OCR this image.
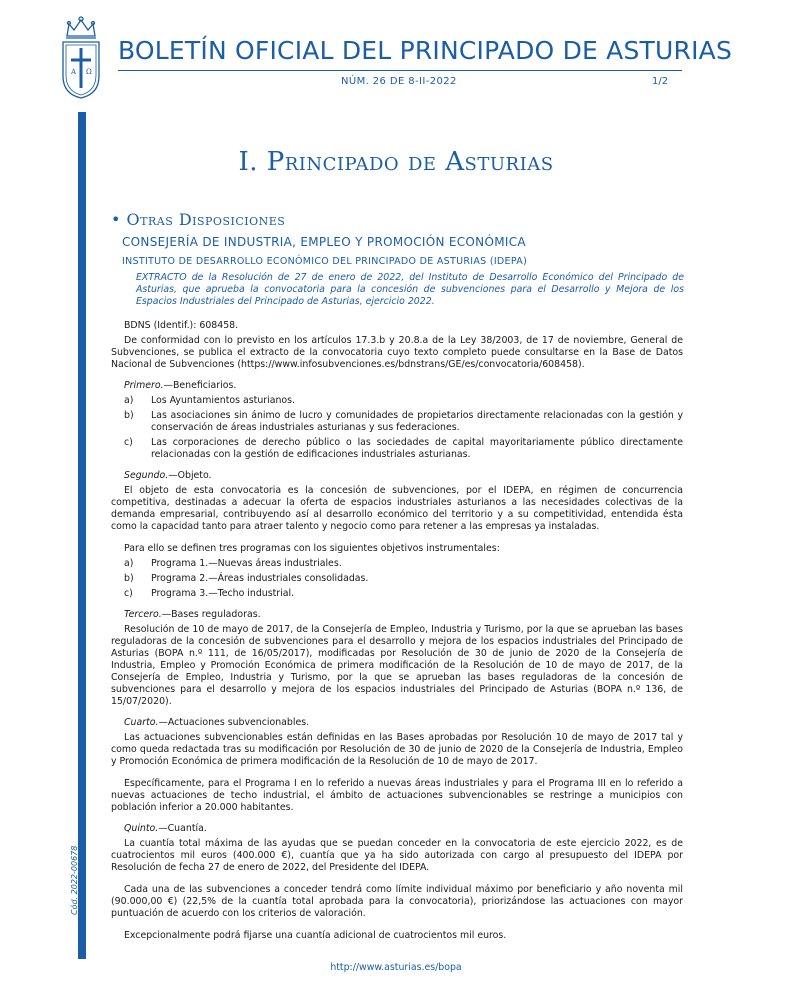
A Ω
BOLETÍN OFICIAL DEL PRINCIPADO DE ASTURIAS
NÚM. 26 DE 8-II-2022	1/2
Cód. 2022-00678
I. Principado de Asturias
• Otras Disposiciones
CONSEJERÍA DE INDUSTRIA, EMPLEO Y PROMOCIÓN ECONÓMICA
INSTITUTO DE DESARROLLO ECONÓMICO DEL PRINCIPADO DE ASTURIAS (IDEPA)
EXTRACTO de la Resolución de 27 de enero de 2022, del Instituto de Desarrollo Económico del Principado de Asturias, que aprueba la convocatoria para la concesión de subvenciones para el Desarrollo y Mejora de los Espacios Industriales del Principado de Asturias, ejercicio 2022.

BDNS (Identif.): 608458.

De conformidad con lo previsto en los artículos 17.3.b y 20.8.a de la Ley 38/2003, de 17 de noviembre, General de Subvenciones, se publica el extracto de la convocatoria cuyo texto completo puede consultarse en la Base de Datos Nacional de Subvenciones (https://www.infosubvenciones.es/bdnstrans/GE/es/convocatoria/608458).

Primero.—Beneficiarios.

a)	Los Ayuntamientos asturianos.
b)	Las asociaciones sin ánimo de lucro y comunidades de propietarios directamente relacionadas con la gestión y conservación de áreas industriales asturianas y sus federaciones.
c)	Las corporaciones de derecho público o las sociedades de capital mayoritariamente público directamente relacionadas con la gestión de edificaciones industriales asturianas.

Segundo.—Objeto.

El objeto de esta convocatoria es la concesión de subvenciones, por el IDEPA, en régimen de concurrencia competitiva, destinadas a adecuar la oferta de espacios industriales asturianos a las necesidades colectivas de la demanda empresarial, contribuyendo así al desarrollo económico del territorio y a su competitividad, entendida ésta como la capacidad tanto para atraer talento y negocio como para retener a las empresas ya instaladas.

Para ello se definen tres programas con los siguientes objetivos instrumentales:

a)	Programa 1.—Nuevas áreas industriales.
b)	Programa 2.—Áreas industriales consolidadas.
c)	Programa 3.—Techo industrial.

Tercero.—Bases reguladoras.

Resolución de 10 de mayo de 2017, de la Consejería de Empleo, Industria y Turismo, por la que se aprueban las bases reguladoras de la concesión de subvenciones para el desarrollo y mejora de los espacios industriales del Principado de Asturias (BOPA n.º 111, de 16/05/2017), modificadas por Resolución de 30 de junio de 2020 de la Consejería de Industria, Empleo y Promoción Económica de primera modificación de la Resolución de 10 de mayo de 2017, de la Consejería de Empleo, Industria y Turismo, por la que se aprueban las bases reguladoras de la concesión de subvenciones para el desarrollo y mejora de los espacios industriales del Principado de Asturias (BOPA n.º 136, de 15/07/2020).

Cuarto.—Actuaciones subvencionables.

Las actuaciones subvencionables están definidas en las Bases aprobadas por Resolución 10 de mayo de 2017 tal y como queda redactada tras su modificación por Resolución de 30 de junio de 2020 de la Consejería de Industria, Empleo y Promoción Económica de primera modificación de la Resolución de 10 de mayo de 2017.

Específicamente, para el Programa I en lo referido a nuevas áreas industriales y para el Programa III en lo referido a nuevas actuaciones de techo industrial, el ámbito de actuaciones subvencionables se restringe a municipios con población inferior a 20.000 habitantes.

Quinto.—Cuantía.

La cuantía total máxima de las ayudas que se puedan conceder en la convocatoria de este ejercicio 2022, es de cuatrocientos mil euros (400.000 €), cuantía que ya ha sido autorizada con cargo al presupuesto del IDEPA por Resolución de fecha 27 de enero de 2022, del Presidente del IDEPA.

Cada una de las subvenciones a conceder tendrá como límite individual máximo por beneficiario y año noventa mil (90.000,00 €) (22,5% de la cuantía total aprobada para la convocatoria), priorizándose las actuaciones con mayor puntuación de acuerdo con los criterios de valoración.

Excepcionalmente podrá fijarse una cuantía adicional de cuatrocientos mil euros.

http://www.asturias.es/bopa
